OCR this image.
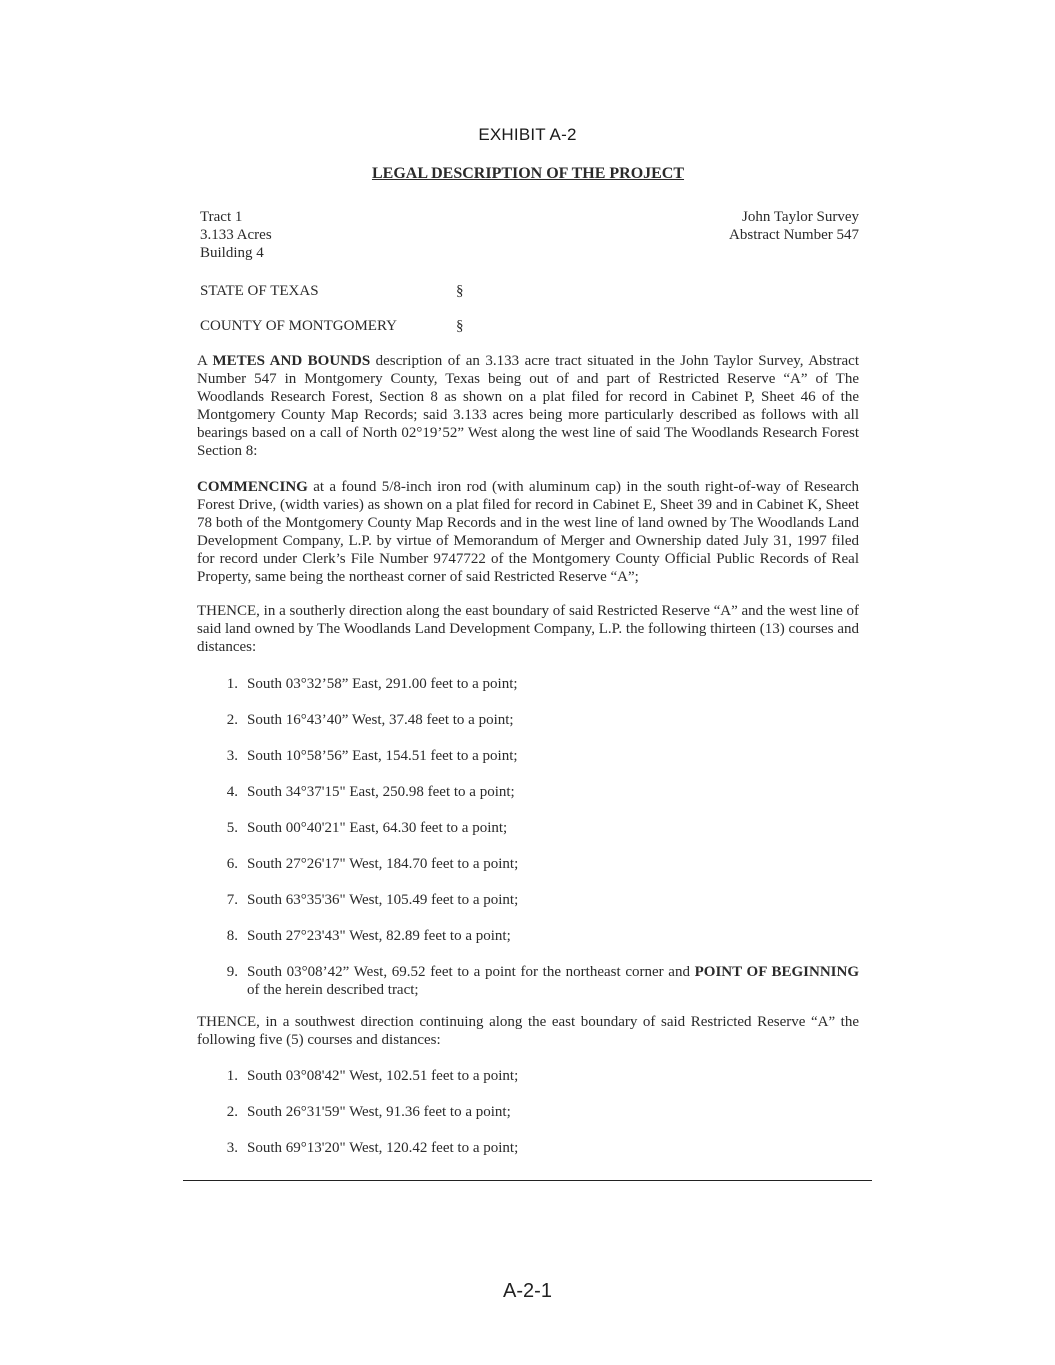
EXHIBIT A-2
LEGAL DESCRIPTION OF THE PROJECT
Tract 1
3.133 Acres
Building 4
John Taylor Survey
Abstract Number 547
STATE OF TEXAS	§
COUNTY OF MONTGOMERY	§
A METES AND BOUNDS description of an 3.133 acre tract situated in the John Taylor Survey, Abstract Number 547 in Montgomery County, Texas being out of and part of Restricted Reserve “A” of The Woodlands Research Forest, Section 8 as shown on a plat filed for record in Cabinet P, Sheet 46 of the Montgomery County Map Records; said 3.133 acres being more particularly described as follows with all bearings based on a call of North 02°19’52” West along the west line of said The Woodlands Research Forest Section 8:
COMMENCING at a found 5/8-inch iron rod (with aluminum cap) in the south right-of-way of Research Forest Drive, (width varies) as shown on a plat filed for record in Cabinet E, Sheet 39 and in Cabinet K, Sheet 78 both of the Montgomery County Map Records and in the west line of land owned by The Woodlands Land Development Company, L.P. by virtue of Memorandum of Merger and Ownership dated July 31, 1997 filed for record under Clerk’s File Number 9747722 of the Montgomery County Official Public Records of Real Property, same being the northeast corner of said Restricted Reserve “A”;
THENCE, in a southerly direction along the east boundary of said Restricted Reserve “A” and the west line of said land owned by The Woodlands Land Development Company, L.P. the following thirteen (13) courses and distances:
1. South 03°32’58” East, 291.00 feet to a point;
2. South 16°43’40” West, 37.48 feet to a point;
3. South 10°58’56” East, 154.51 feet to a point;
4. South 34°37'15" East, 250.98 feet to a point;
5. South 00°40'21" East, 64.30 feet to a point;
6. South 27°26'17" West, 184.70 feet to a point;
7. South 63°35'36" West, 105.49 feet to a point;
8. South 27°23'43" West, 82.89 feet to a point;
9. South 03°08’42” West, 69.52 feet to a point for the northeast corner and POINT OF BEGINNING of the herein described tract;
THENCE, in a southwest direction continuing along the east boundary of said Restricted Reserve “A” the following five (5) courses and distances:
1. South 03°08'42" West, 102.51 feet to a point;
2. South 26°31'59" West, 91.36 feet to a point;
3. South 69°13'20" West, 120.42 feet to a point;
A-2-1
